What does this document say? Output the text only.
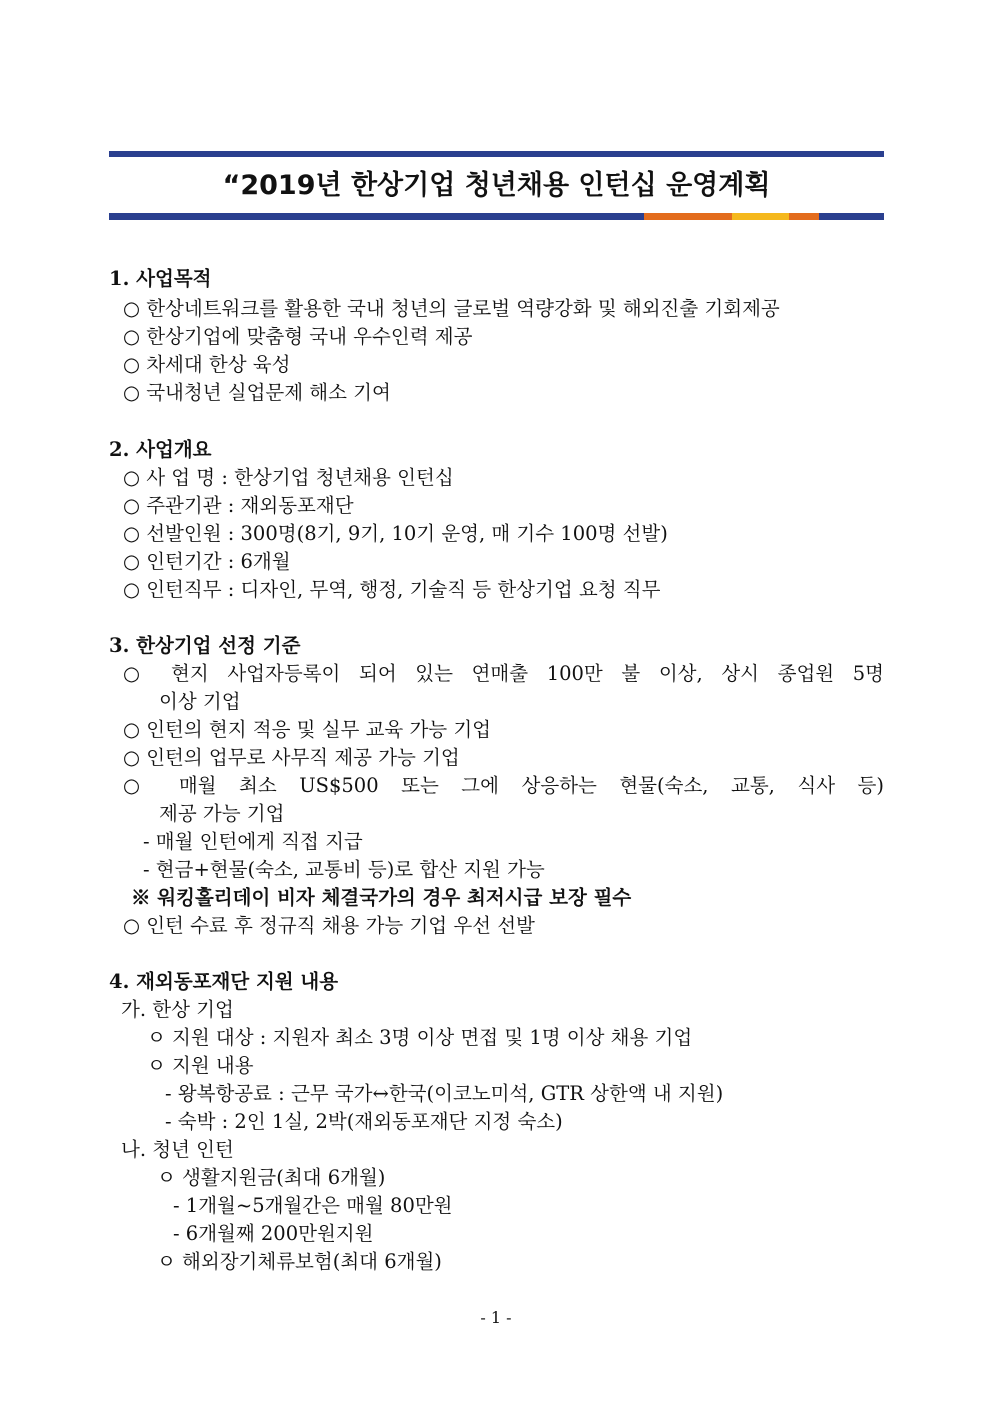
“2019년 한상기업 청년채용 인턴십 운영계획
1. 사업목적
○ 한상네트워크를 활용한 국내 청년의 글로벌 역량강화 및 해외진출 기회제공
○ 한상기업에 맞춤형 국내 우수인력 제공
○ 차세대 한상 육성
○ 국내청년 실업문제 해소 기여
2. 사업개요
○ 사 업 명 : 한상기업 청년채용 인턴십
○ 주관기관 : 재외동포재단
○ 선발인원 : 300명(8기, 9기, 10기 운영, 매 기수 100명 선발)
○ 인턴기간 : 6개월
○ 인턴직무 : 디자인, 무역, 행정, 기술직 등 한상기업 요청 직무
3. 한상기업 선정 기준
○ 현지 사업자등록이 되어 있는 연매출 100만 불 이상, 상시 종업원 5명
이상 기업
○ 인턴의 현지 적응 및 실무 교육 가능 기업
○ 인턴의 업무로 사무직 제공 가능 기업
○ 매월 최소 US$500 또는 그에 상응하는 현물(숙소, 교통, 식사 등)
제공 가능 기업
- 매월 인턴에게 직접 지급
- 현금+현물(숙소, 교통비 등)로 합산 지원 가능
※ 워킹홀리데이 비자 체결국가의 경우 최저시급 보장 필수
○ 인턴 수료 후 정규직 채용 가능 기업 우선 선발
4. 재외동포재단 지원 내용
가. 한상 기업
ㅇ 지원 대상 : 지원자 최소 3명 이상 면접 및 1명 이상 채용 기업
ㅇ 지원 내용
- 왕복항공료 : 근무 국가↔한국(이코노미석, GTR 상한액 내 지원)
- 숙박 : 2인 1실, 2박(재외동포재단 지정 숙소)
나. 청년 인턴
ㅇ 생활지원금(최대 6개월)
- 1개월~5개월간은 매월 80만원
- 6개월째 200만원지원
ㅇ 해외장기체류보험(최대 6개월)
- 1 -
